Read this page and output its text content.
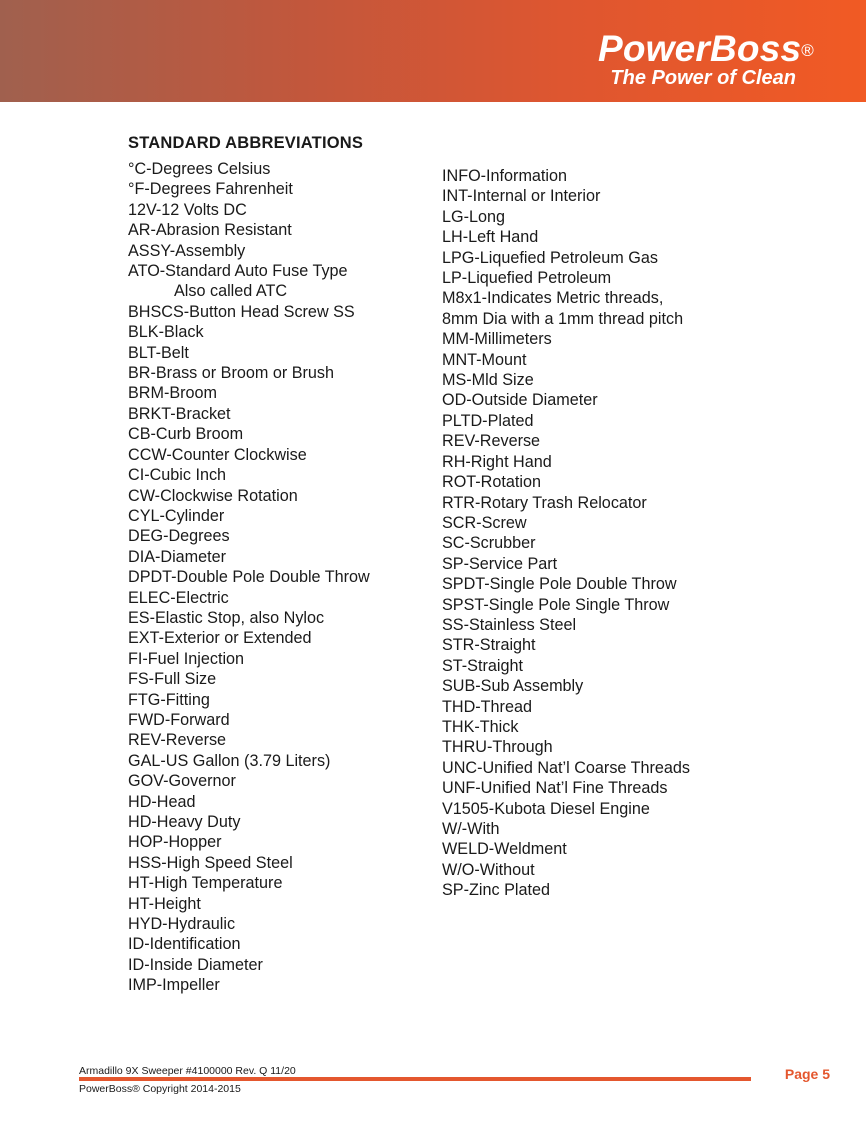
PowerBoss®
The Power of Clean
STANDARD ABBREVIATIONS
°C-Degrees Celsius
°F-Degrees Fahrenheit
12V-12 Volts DC
AR-Abrasion Resistant
ASSY-Assembly
ATO-Standard Auto Fuse Type
Also called ATC
BHSCS-Button Head Screw SS
BLK-Black
BLT-Belt
BR-Brass or Broom or Brush
BRM-Broom
BRKT-Bracket
CB-Curb Broom
CCW-Counter Clockwise
CI-Cubic Inch
CW-Clockwise Rotation
CYL-Cylinder
DEG-Degrees
DIA-Diameter
DPDT-Double Pole Double Throw
ELEC-Electric
ES-Elastic Stop, also Nyloc
EXT-Exterior or Extended
FI-Fuel Injection
FS-Full Size
FTG-Fitting
FWD-Forward
REV-Reverse
GAL-US Gallon (3.79 Liters)
GOV-Governor
HD-Head
HD-Heavy Duty
HOP-Hopper
HSS-High Speed Steel
HT-High Temperature
HT-Height
HYD-Hydraulic
ID-Identification
ID-Inside Diameter
IMP-Impeller
INFO-Information
INT-Internal or Interior
LG-Long
LH-Left Hand
LPG-Liquefied Petroleum Gas
LP-Liquefied Petroleum
M8x1-Indicates Metric threads,
8mm Dia with a 1mm thread pitch
MM-Millimeters
MNT-Mount
MS-Mld Size
OD-Outside Diameter
PLTD-Plated
REV-Reverse
RH-Right Hand
ROT-Rotation
RTR-Rotary Trash Relocator
SCR-Screw
SC-Scrubber
SP-Service Part
SPDT-Single Pole Double Throw
SPST-Single Pole Single Throw
SS-Stainless Steel
STR-Straight
ST-Straight
SUB-Sub Assembly
THD-Thread
THK-Thick
THRU-Through
UNC-Unified Nat’l Coarse Threads
UNF-Unified Nat’l Fine Threads
V1505-Kubota Diesel Engine
W/-With
WELD-Weldment
W/O-Without
SP-Zinc Plated
Armadillo 9X Sweeper #4100000 Rev. Q 11/20
PowerBoss® Copyright 2014-2015
Page 5
